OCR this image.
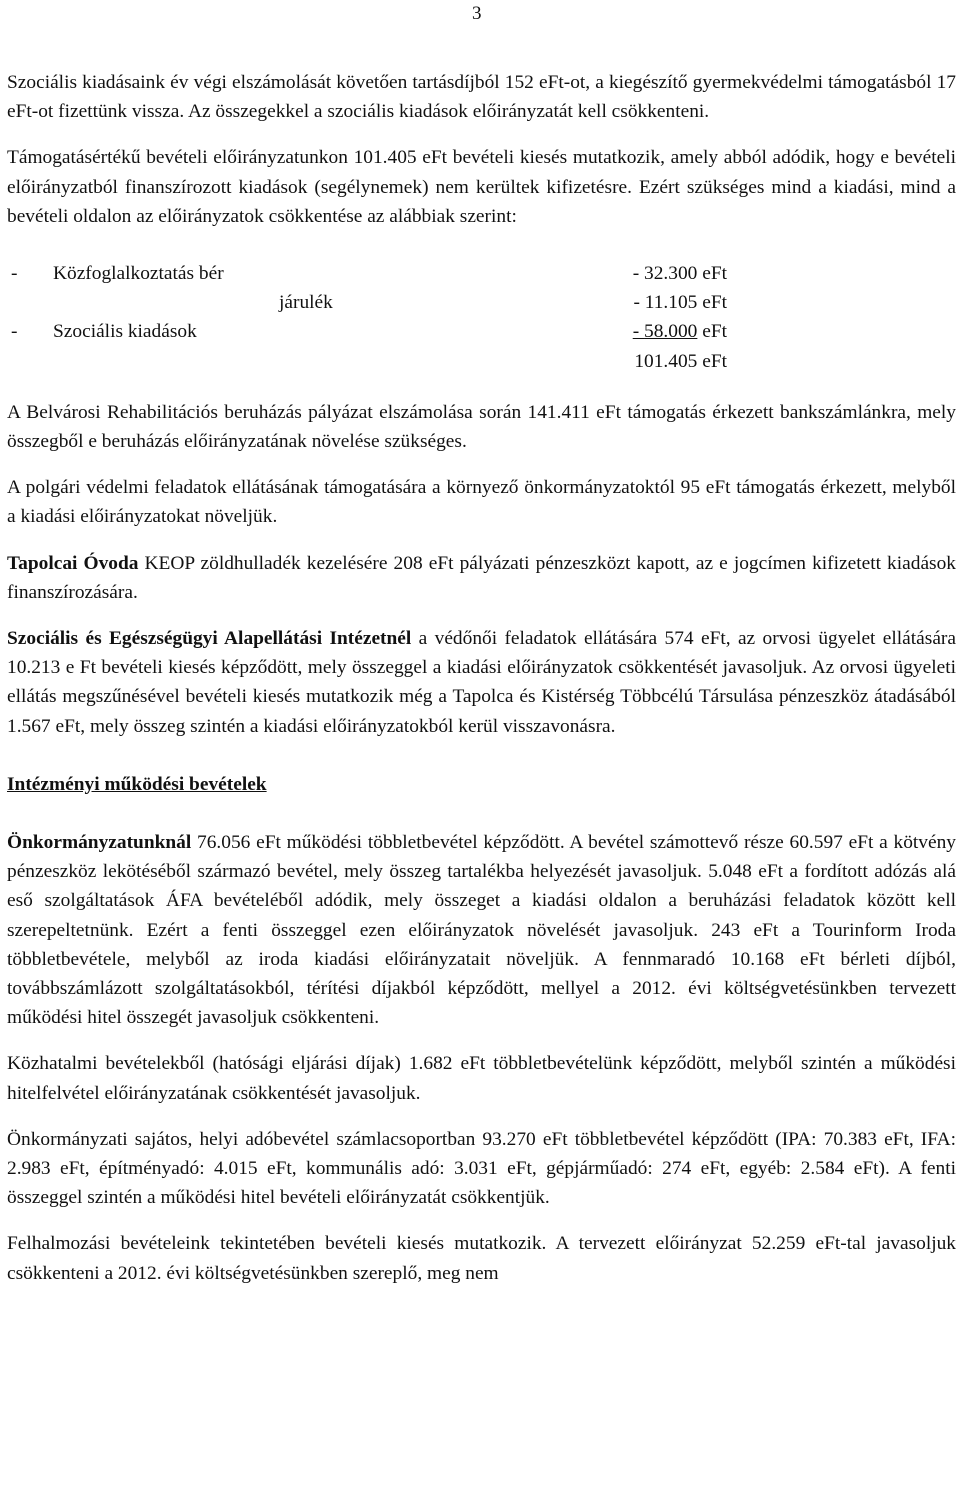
3

Szociális kiadásaink év végi elszámolását követően tartásdíjból 152 eFt-ot, a kiegészítő gyermekvédelmi támogatásból 17 eFt-ot fizettünk vissza. Az összegekkel a szociális kiadások előirányzatát kell csökkenteni.

Támogatásértékű bevételi előirányzatunkon 101.405 eFt bevételi kiesés mutatkozik, amely abból adódik, hogy e bevételi előirányzatból finanszírozott kiadások (segélynemek) nem kerültek kifizetésre. Ezért szükséges mind a kiadási, mind a bevételi oldalon az előirányzatok csökkentése az alábbiak szerint:

-	Közfoglalkoztatás bér	- 32.300 eFt
járulék	- 11.105 eFt
-	Szociális kiadások	- 58.000 eFt
101.405 eFt

A Belvárosi Rehabilitációs beruházás pályázat elszámolása során 141.411 eFt támogatás érkezett bankszámlánkra, mely összegből e beruházás előirányzatának növelése szükséges.

A polgári védelmi feladatok ellátásának támogatására a környező önkormányzatoktól 95 eFt támogatás érkezett, melyből a kiadási előirányzatokat növeljük.

Tapolcai Óvoda KEOP zöldhulladék kezelésére 208 eFt pályázati pénzeszközt kapott, az e jogcímen kifizetett kiadások finanszírozására.

Szociális és Egészségügyi Alapellátási Intézetnél a védőnői feladatok ellátására 574 eFt, az orvosi ügyelet ellátására 10.213 e Ft bevételi kiesés képződött, mely összeggel a kiadási előirányzatok csökkentését javasoljuk. Az orvosi ügyeleti ellátás megszűnésével bevételi kiesés mutatkozik még a Tapolca és Kistérség Többcélú Társulása pénzeszköz átadásából 1.567 eFt, mely összeg szintén a kiadási előirányzatokból kerül visszavonásra.

Intézményi működési bevételek

Önkormányzatunknál 76.056 eFt működési többletbevétel képződött. A bevétel számottevő része 60.597 eFt a kötvény pénzeszköz lekötéséből származó bevétel, mely összeg tartalékba helyezését javasoljuk. 5.048 eFt a fordított adózás alá eső szolgáltatások ÁFA bevételéből adódik, mely összeget a kiadási oldalon a beruházási feladatok között kell szerepeltetnünk. Ezért a fenti összeggel ezen előirányzatok növelését javasoljuk. 243 eFt a Tourinform Iroda többletbevétele, melyből az iroda kiadási előirányzatait növeljük. A fennmaradó 10.168 eFt bérleti díjból, továbbszámlázott szolgáltatásokból, térítési díjakból képződött, mellyel a 2012. évi költségvetésünkben tervezett működési hitel összegét javasoljuk csökkenteni.

Közhatalmi bevételekből (hatósági eljárási díjak) 1.682 eFt többletbevételünk képződött, melyből szintén a működési hitelfelvétel előirányzatának csökkentését javasoljuk.

Önkormányzati sajátos, helyi adóbevétel számlacsoportban 93.270 eFt többletbevétel képződött (IPA: 70.383 eFt, IFA: 2.983 eFt, építményadó: 4.015 eFt, kommunális adó: 3.031 eFt, gépjárműadó: 274 eFt, egyéb: 2.584 eFt). A fenti összeggel szintén a működési hitel bevételi előirányzatát csökkentjük.

Felhalmozási bevételeink tekintetében bevételi kiesés mutatkozik. A tervezett előirányzat 52.259 eFt-tal javasoljuk csökkenteni a 2012. évi költségvetésünkben szereplő, meg nem
